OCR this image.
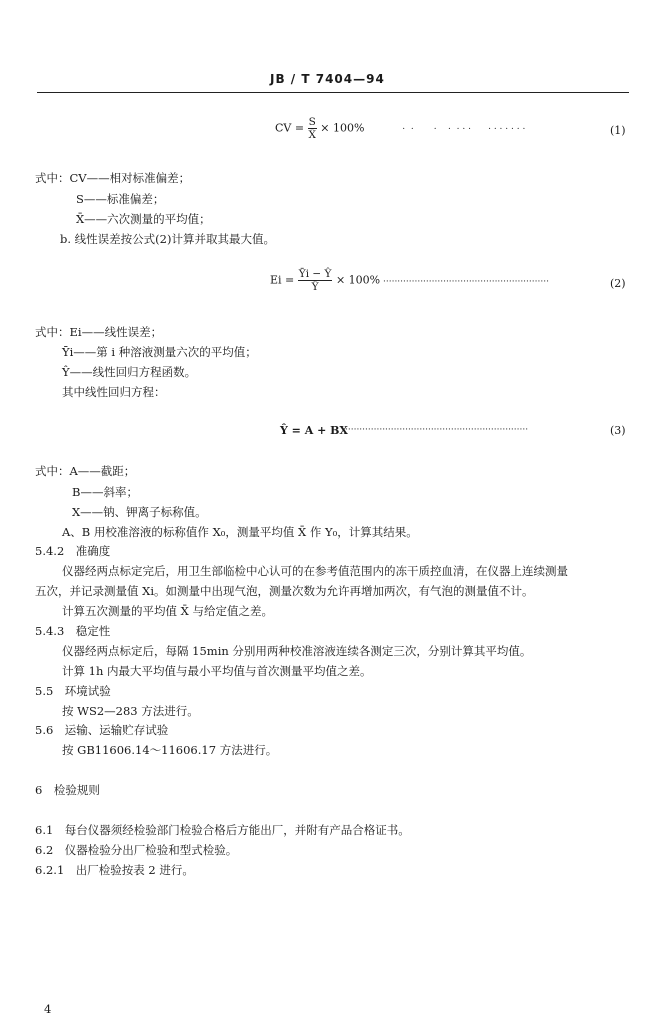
JB / T 7404—94
CV = $\frac{S}{X̄} \times 100\%$             ·  ·       ·    ·  · · ·      · · · · · · ·	(1)
式中：CV——相对标准偏差；
S——标准偏差；
X̄——六次测量的平均值；
b. 线性误差按公式(2)计算并取其最大值。
$Ei = \frac{Ȳi - Ŷ}{Ŷ} \times 100\%$ ··························································	(2)
式中：Ei——线性误差；
Ȳi——第 i 种溶液测量六次的平均值；
Ŷ——线性回归方程函数。
其中线性回归方程：
Ŷ = A + BX
································································	(3)
式中：A——截距；
B——斜率；
X——钠、钾离子标称值。
A、B 用校准溶液的标称值作 X₀，测量平均值 X̄ 作 Y₀，计算其结果。
5.4.2　准确度
仪器经两点标定完后，用卫生部临检中心认可的在参考值范围内的冻干质控血清，在仪器上连续测量
五次，并记录测量值 Xi。如测量中出现气泡，测量次数为允许再增加两次，有气泡的测量值不计。
计算五次测量的平均值 X̄ 与给定值之差。
5.4.3　稳定性
仪器经两点标定后，每隔 15min 分别用两种校准溶液连续各测定三次，分别计算其平均值。
计算 1h 内最大平均值与最小平均值与首次测量平均值之差。
5.5　环境试验
按 WS2—283 方法进行。
5.6　运输、运输贮存试验
按 GB11606.14～11606.17 方法进行。
6　检验规则
6.1　每台仪器须经检验部门检验合格后方能出厂，并附有产品合格证书。
6.2　仪器检验分出厂检验和型式检验。
6.2.1　出厂检验按表 2 进行。
4
